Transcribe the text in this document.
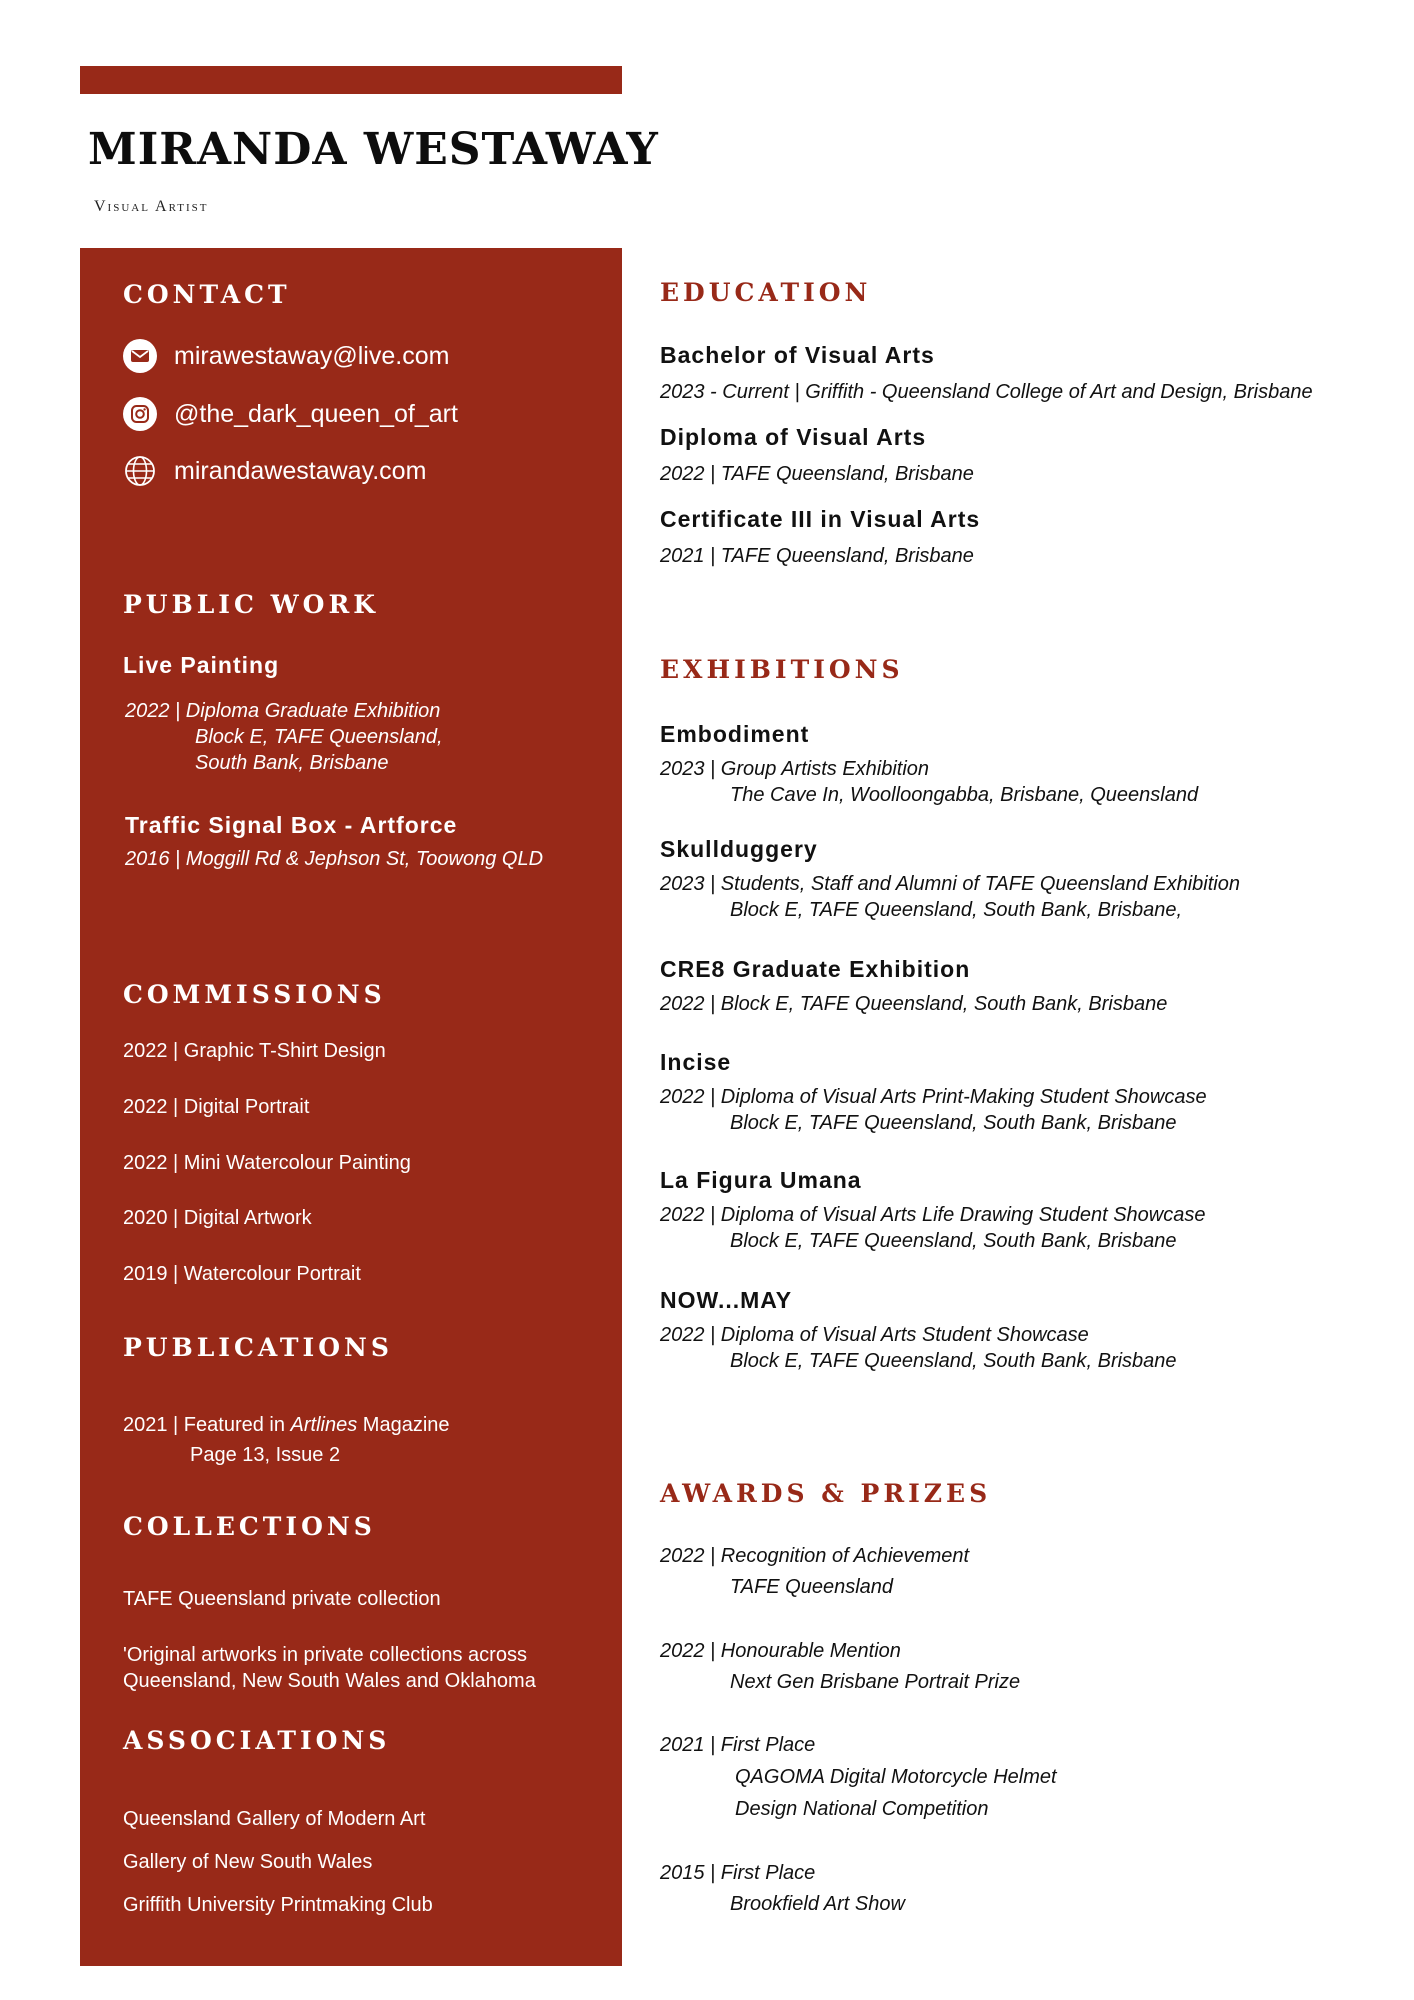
MIRANDA WESTAWAY
Visual Artist
CONTACT
mirawestaway@live.com
@the_dark_queen_of_art
mirandawestaway.com
PUBLIC WORK
Live Painting
2022 | Diploma Graduate Exhibition
Block E, TAFE Queensland,
South Bank, Brisbane
Traffic Signal Box - Artforce
2016 | Moggill Rd & Jephson St, Toowong QLD
COMMISSIONS
2022 | Graphic T-Shirt Design
2022 | Digital Portrait
2022 | Mini Watercolour Painting
2020 | Digital Artwork
2019 | Watercolour Portrait
PUBLICATIONS
2021 | Featured in Artlines Magazine
Page 13, Issue 2
COLLECTIONS
TAFE Queensland private collection
'Original artworks in private collections across
Queensland, New South Wales and Oklahoma
ASSOCIATIONS
Queensland Gallery of Modern Art
Gallery of New South Wales
Griffith University Printmaking Club
EDUCATION
Bachelor of Visual Arts
2023 - Current | Griffith - Queensland College of Art and Design, Brisbane
Diploma of Visual Arts
2022 | TAFE Queensland, Brisbane
Certificate III in Visual Arts
2021 | TAFE Queensland, Brisbane
EXHIBITIONS
Embodiment
2023 | Group Artists Exhibition
The Cave In, Woolloongabba, Brisbane, Queensland
Skullduggery
2023 | Students, Staff and Alumni of TAFE Queensland Exhibition
Block E, TAFE Queensland, South Bank, Brisbane,
CRE8 Graduate Exhibition
2022 | Block E, TAFE Queensland, South Bank, Brisbane
Incise
2022 | Diploma of Visual Arts Print-Making Student Showcase
Block E, TAFE Queensland, South Bank, Brisbane
La Figura Umana
2022 | Diploma of Visual Arts Life Drawing Student Showcase
Block E, TAFE Queensland, South Bank, Brisbane
NOW...MAY
2022 | Diploma of Visual Arts Student Showcase
Block E, TAFE Queensland, South Bank, Brisbane
AWARDS & PRIZES
2022 | Recognition of Achievement
TAFE Queensland
2022 | Honourable Mention
Next Gen Brisbane Portrait Prize
2021 | First Place
QAGOMA Digital Motorcycle Helmet
Design National Competition
2015 | First Place
Brookfield Art Show
